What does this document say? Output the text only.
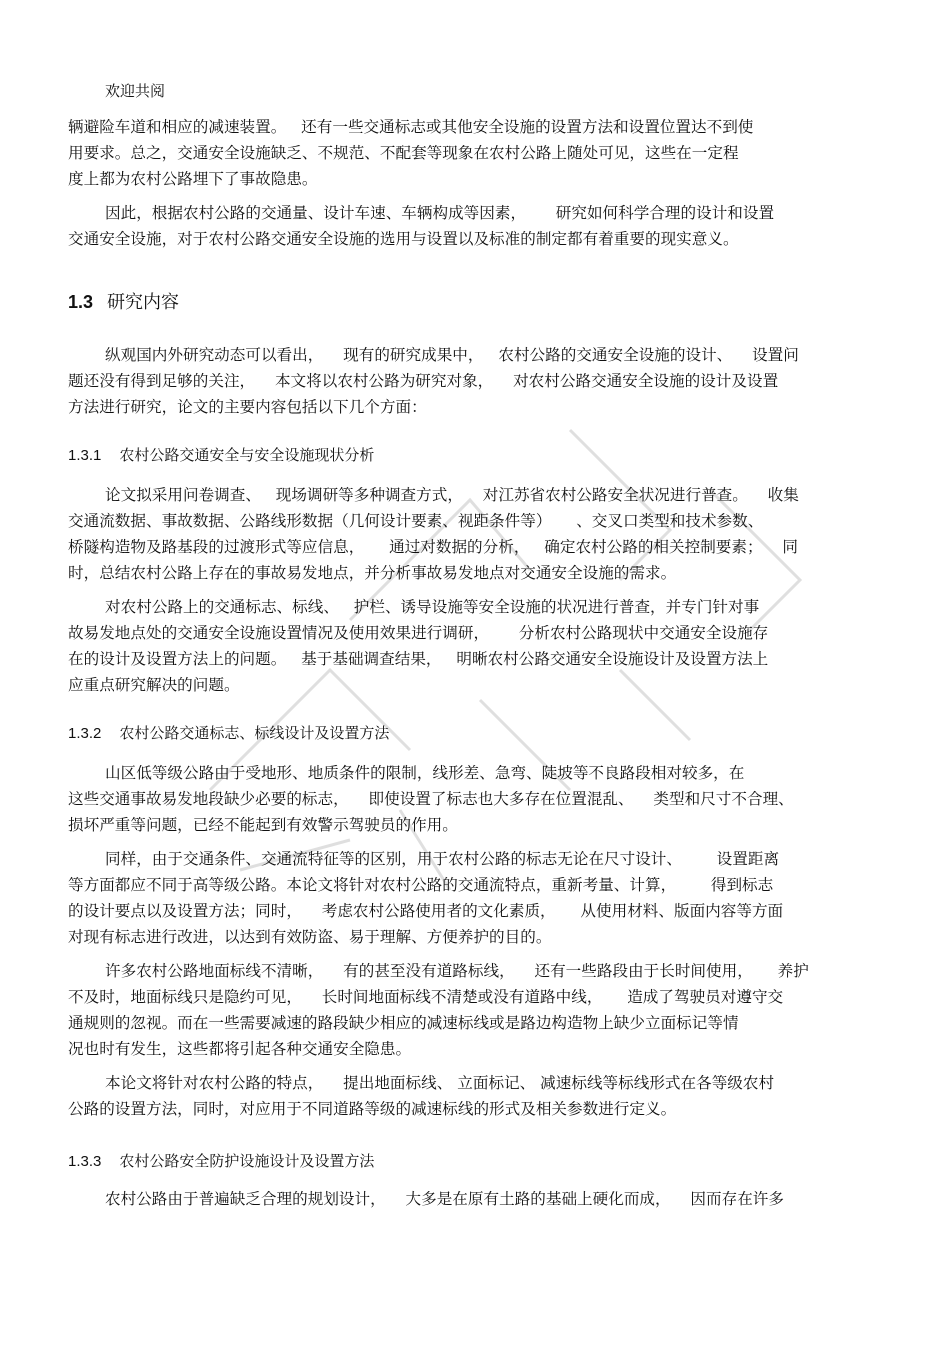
欢迎共阅
辆避险车道和相应的减速装置。   还有一些交通标志或其他安全设施的设置方法和设置位置达不到使
用要求。总之，交通安全设施缺乏、不规范、不配套等现象在农村公路上随处可见，这些在一定程
度上都为农村公路埋下了事故隐患。
因此，根据农村公路的交通量、设计车速、车辆构成等因素，      研究如何科学合理的设计和设置
交通安全设施，对于农村公路交通安全设施的选用与设置以及标准的制定都有着重要的现实意义。
1.3 研究内容
纵观国内外研究动态可以看出，    现有的研究成果中，   农村公路的交通安全设施的设计、    设置问
题还没有得到足够的关注，    本文将以农村公路为研究对象，    对农村公路交通安全设施的设计及设置
方法进行研究，论文的主要内容包括以下几个方面：
1.3.1 农村公路交通安全与安全设施现状分析
论文拟采用问卷调查、   现场调研等多种调查方式，    对江苏省农村公路安全状况进行普查。    收集
交通流数据、事故数据、公路线形数据（几何设计要素、视距条件等）     、交叉口类型和技术参数、
桥隧构造物及路基段的过渡形式等应信息，     通过对数据的分析，   确定农村公路的相关控制要素；    同
时，总结农村公路上存在的事故易发地点，并分析事故易发地点对交通安全设施的需求。
对农村公路上的交通标志、标线、   护栏、诱导设施等安全设施的状况进行普查，并专门针对事
故易发地点处的交通安全设施设置情况及使用效果进行调研，      分析农村公路现状中交通安全设施存
在的设计及设置方法上的问题。   基于基础调查结果，   明晰农村公路交通安全设施设计及设置方法上
应重点研究解决的问题。
1.3.2 农村公路交通标志、标线设计及设置方法
山区低等级公路由于受地形、地质条件的限制，线形差、急弯、陡坡等不良路段相对较多，在
这些交通事故易发地段缺少必要的标志，    即使设置了标志也大多存在位置混乱、    类型和尺寸不合理、
损坏严重等问题，已经不能起到有效警示驾驶员的作用。
同样，由于交通条件、交通流特征等的区别，用于农村公路的标志无论在尺寸设计、       设置距离
等方面都应不同于高等级公路。本论文将针对农村公路的交通流特点，重新考量、计算，       得到标志
的设计要点以及设置方法；同时，    考虑农村公路使用者的文化素质，     从使用材料、版面内容等方面
对现有标志进行改进，以达到有效防盗、易于理解、方便养护的目的。
许多农村公路地面标线不清晰，    有的甚至没有道路标线，    还有一些路段由于长时间使用，     养护
不及时，地面标线只是隐约可见，    长时间地面标线不清楚或没有道路中线，     造成了驾驶员对遵守交
通规则的忽视。而在一些需要减速的路段缺少相应的减速标线或是路边构造物上缺少立面标记等情
况也时有发生，这些都将引起各种交通安全隐患。
本论文将针对农村公路的特点，    提出地面标线、 立面标记、 减速标线等标线形式在各等级农村
公路的设置方法，同时，对应用于不同道路等级的减速标线的形式及相关参数进行定义。
1.3.3 农村公路安全防护设施设计及设置方法
农村公路由于普遍缺乏合理的规划设计，    大多是在原有土路的基础上硬化而成，    因而存在许多
